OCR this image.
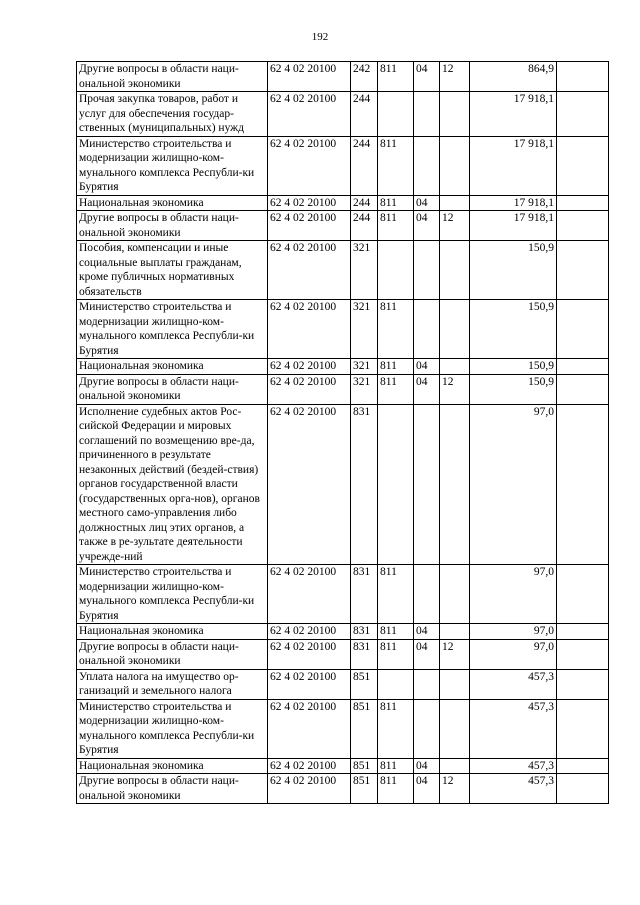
192
Другие вопросы в области наци-ональной экономики	62 4 02 20100	242	811	04	12	864,9	
Прочая закупка товаров, работ и услуг для обеспечения государ-ственных (муниципальных) нужд	62 4 02 20100	244				17 918,1	
Министерство строительства и модернизации жилищно-ком-мунального комплекса Республи-ки Бурятия	62 4 02 20100	244	811			17 918,1	
Национальная экономика	62 4 02 20100	244	811	04		17 918,1	
Другие вопросы в области наци-ональной экономики	62 4 02 20100	244	811	04	12	17 918,1	
Пособия, компенсации и иные социальные выплаты гражданам, кроме публичных нормативных обязательств	62 4 02 20100	321				150,9	
Министерство строительства и модернизации жилищно-ком-мунального комплекса Республи-ки Бурятия	62 4 02 20100	321	811			150,9	
Национальная экономика	62 4 02 20100	321	811	04		150,9	
Другие вопросы в области наци-ональной экономики	62 4 02 20100	321	811	04	12	150,9	
Исполнение судебных актов Рос-сийской Федерации и мировых соглашений по возмещению вре-да, причиненного в результате незаконных действий (бездей-ствия) органов государственной власти (государственных орга-нов), органов местного само-управления либо должностных лиц этих органов, а также в ре-зультате деятельности учрежде-ний	62 4 02 20100	831				97,0	
Министерство строительства и модернизации жилищно-ком-мунального комплекса Республи-ки Бурятия	62 4 02 20100	831	811			97,0	
Национальная экономика	62 4 02 20100	831	811	04		97,0	
Другие вопросы в области наци-ональной экономики	62 4 02 20100	831	811	04	12	97,0	
Уплата налога на имущество ор-ганизаций и земельного налога	62 4 02 20100	851				457,3	
Министерство строительства и модернизации жилищно-ком-мунального комплекса Республи-ки Бурятия	62 4 02 20100	851	811			457,3	
Национальная экономика	62 4 02 20100	851	811	04		457,3	
Другие вопросы в области наци-ональной экономики	62 4 02 20100	851	811	04	12	457,3	
